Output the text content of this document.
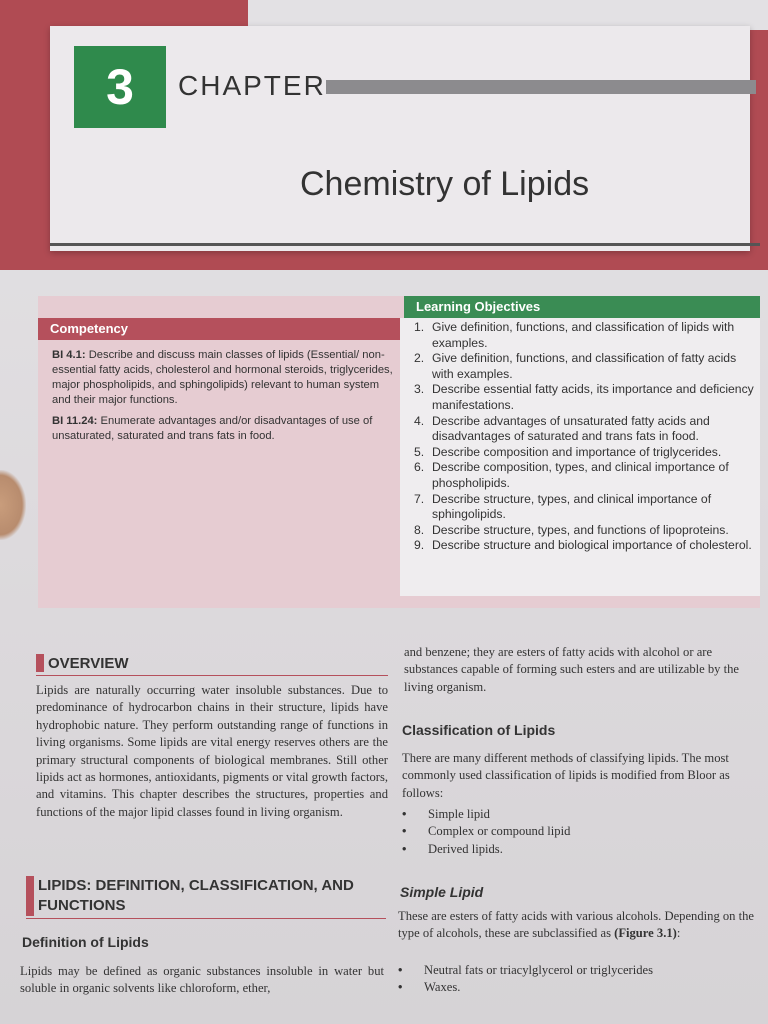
3	CHAPTER
Chemistry of Lipids
Competency
Learning Objectives

BI 4.1: Describe and discuss main classes of lipids (Essential/ non-essential fatty acids, cholesterol and hormonal steroids, triglycerides, major phospholipids, and sphingolipids) relevant to human system and their major functions.

BI 11.24: Enumerate advantages and/or disadvantages of use of unsaturated, saturated and trans fats in food.

1. Give definition, functions, and classification of lipids with examples.
2. Give definition, functions, and classification of fatty acids with examples.
3. Describe essential fatty acids, its importance and deficiency manifestations.
4. Describe advantages of unsaturated fatty acids and disadvantages of saturated and trans fats in food.
5. Describe composition and importance of triglycerides.
6. Describe composition, types, and clinical importance of phospholipids.
7. Describe structure, types, and clinical importance of sphingolipids.
8. Describe structure, types, and functions of lipoproteins.
9. Describe structure and biological importance of cholesterol.
OVERVIEW
Lipids are naturally occurring water insoluble substances. Due to predominance of hydrocarbon chains in their structure, lipids have hydrophobic nature. They perform outstanding range of functions in living organisms. Some lipids are vital energy reserves others are the primary structural components of biological membranes. Still other lipids act as hormones, antioxidants, pigments or vital growth factors, and vitamins. This chapter describes the structures, properties and functions of the major lipid classes found in living organism.
LIPIDS: DEFINITION, CLASSIFICATION, AND
FUNCTIONS
Definition of Lipids
Lipids may be defined as organic substances insoluble in water but soluble in organic solvents like chloroform, ether,
and benzene; they are esters of fatty acids with alcohol or are substances capable of forming such esters and are utilizable by the living organism.
Classification of Lipids
There are many different methods of classifying lipids. The most commonly used classification of lipids is modified from Bloor as follows:
•	Simple lipid
•	Complex or compound lipid
•	Derived lipids.
Simple Lipid
These are esters of fatty acids with various alcohols. Depending on the type of alcohols, these are subclassified as (Figure 3.1):
•	Neutral fats or triacylglycerol or triglycerides
•	Waxes.
